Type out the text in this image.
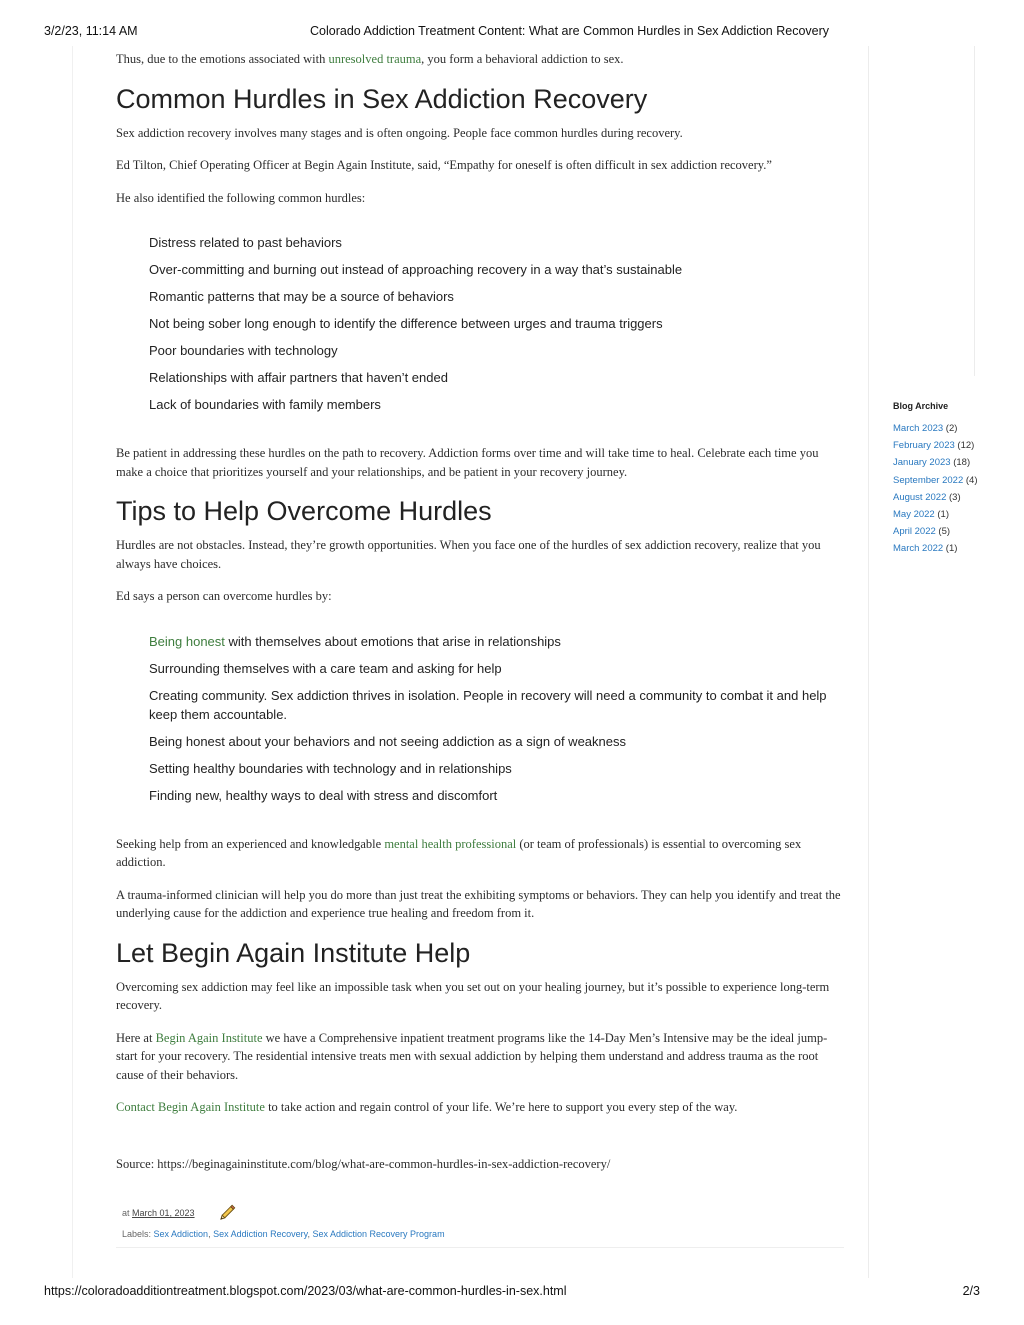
3/2/23, 11:14 AM	Colorado Addiction Treatment Content: What are Common Hurdles in Sex Addiction Recovery

Thus, due to the emotions associated with unresolved trauma, you form a behavioral addiction to sex.

Common Hurdles in Sex Addiction Recovery

Sex addiction recovery involves many stages and is often ongoing. People face common hurdles during recovery.

Ed Tilton, Chief Operating Officer at Begin Again Institute, said, “Empathy for oneself is often difficult in sex addiction recovery.”

He also identified the following common hurdles:

Distress related to past behaviors
Over-committing and burning out instead of approaching recovery in a way that’s sustainable
Romantic patterns that may be a source of behaviors
Not being sober long enough to identify the difference between urges and trauma triggers
Poor boundaries with technology
Relationships with affair partners that haven’t ended
Lack of boundaries with family members

Be patient in addressing these hurdles on the path to recovery. Addiction forms over time and will take time to heal. Celebrate each time you make a choice that prioritizes yourself and your relationships, and be patient in your recovery journey.

Tips to Help Overcome Hurdles

Hurdles are not obstacles. Instead, they’re growth opportunities. When you face one of the hurdles of sex addiction recovery, realize that you always have choices.

Ed says a person can overcome hurdles by:

Being honest with themselves about emotions that arise in relationships
Surrounding themselves with a care team and asking for help
Creating community. Sex addiction thrives in isolation. People in recovery will need a community to combat it and help keep them accountable.
Being honest about your behaviors and not seeing addiction as a sign of weakness
Setting healthy boundaries with technology and in relationships
Finding new, healthy ways to deal with stress and discomfort

Seeking help from an experienced and knowledgable mental health professional (or team of professionals) is essential to overcoming sex addiction.

A trauma-informed clinician will help you do more than just treat the exhibiting symptoms or behaviors. They can help you identify and treat the underlying cause for the addiction and experience true healing and freedom from it.

Let Begin Again Institute Help

Overcoming sex addiction may feel like an impossible task when you set out on your healing journey, but it’s possible to experience long-term recovery.

Here at Begin Again Institute we have a Comprehensive inpatient treatment programs like the 14-Day Men’s Intensive may be the ideal jump-start for your recovery. The residential intensive treats men with sexual addiction by helping them understand and address trauma as the root cause of their behaviors.

Contact Begin Again Institute to take action and regain control of your life. We’re here to support you every step of the way.

Source: https://beginagaininstitute.com/blog/what-are-common-hurdles-in-sex-addiction-recovery/

at March 01, 2023
Labels: Sex Addiction, Sex Addiction Recovery, Sex Addiction Recovery Program
Blog Archive
March 2023 (2)
February 2023 (12)
January 2023 (18)
September 2022 (4)
August 2022 (3)
May 2022 (1)
April 2022 (5)
March 2022 (1)
https://coloradoadditiontreatment.blogspot.com/2023/03/what-are-common-hurdles-in-sex.html	2/3
